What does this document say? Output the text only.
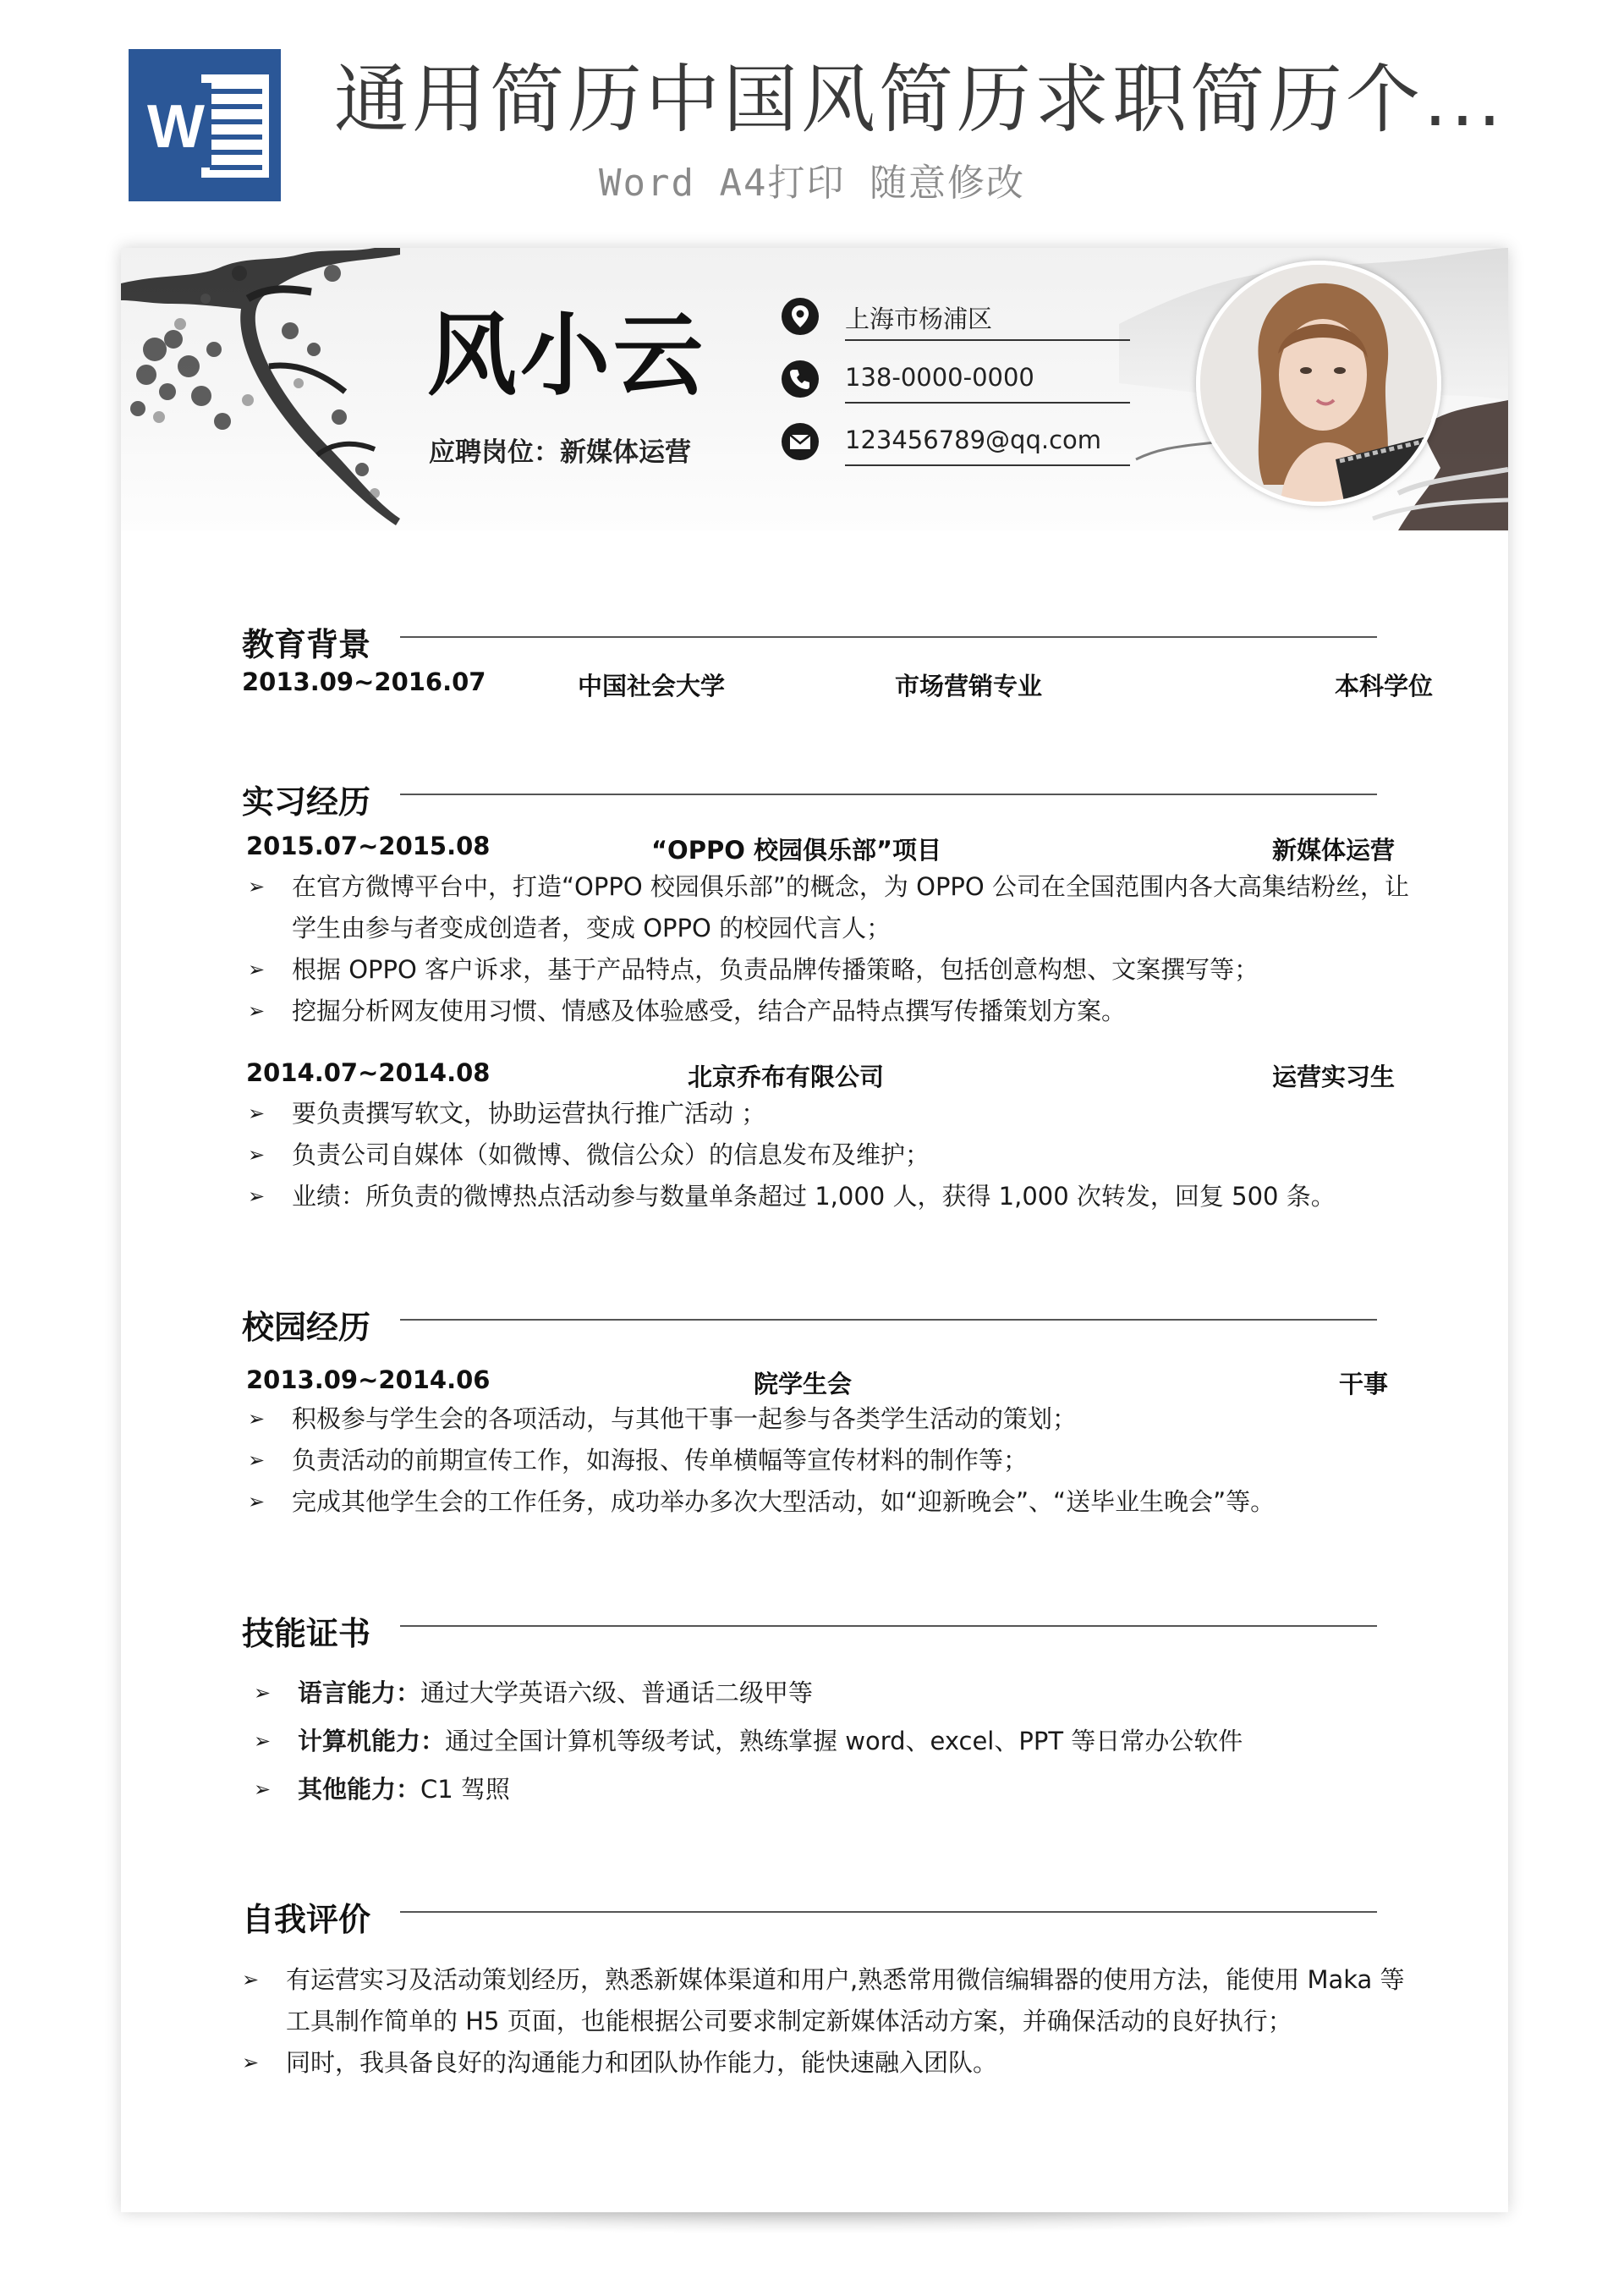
W 通用简历中国风简历求职简历个...
Word A4打印 随意修改
风小云
应聘岗位：新媒体运营
上海市杨浦区
138-0000-0000
123456789@qq.com
教育背景
2013.09~2016.07	中国社会大学	市场营销专业	本科学位
实习经历
2015.07~2015.08	“OPPO 校园俱乐部”项目	新媒体运营
➢	在官方微博平台中，打造“OPPO 校园俱乐部”的概念，为 OPPO 公司在全国范围内各大高集结粉丝，让学生由参与者变成创造者，变成 OPPO 的校园代言人；
➢	根据 OPPO 客户诉求，基于产品特点，负责品牌传播策略，包括创意构想、文案撰写等；
➢	挖掘分析网友使用习惯、情感及体验感受，结合产品特点撰写传播策划方案。
2014.07~2014.08	北京乔布有限公司	运营实习生
➢	要负责撰写软文，协助运营执行推广活动 ；
➢	负责公司自媒体（如微博、微信公众）的信息发布及维护；
➢	业绩：所负责的微博热点活动参与数量单条超过 1,000 人，获得 1,000 次转发，回复 500 条。
校园经历
2013.09~2014.06	院学生会	干事
➢	积极参与学生会的各项活动，与其他干事一起参与各类学生活动的策划；
➢	负责活动的前期宣传工作，如海报、传单横幅等宣传材料的制作等；
➢	完成其他学生会的工作任务，成功举办多次大型活动，如“迎新晚会”、“送毕业生晚会”等。
技能证书
➢	语言能力：通过大学英语六级、普通话二级甲等
➢	计算机能力：通过全国计算机等级考试，熟练掌握 word、excel、PPT 等日常办公软件
➢	其他能力：C1 驾照
自我评价
➢	有运营实习及活动策划经历，熟悉新媒体渠道和用户,熟悉常用微信编辑器的使用方法，能使用 Maka 等工具制作简单的 H5 页面，也能根据公司要求制定新媒体活动方案，并确保活动的良好执行；
➢	同时，我具备良好的沟通能力和团队协作能力，能快速融入团队。
